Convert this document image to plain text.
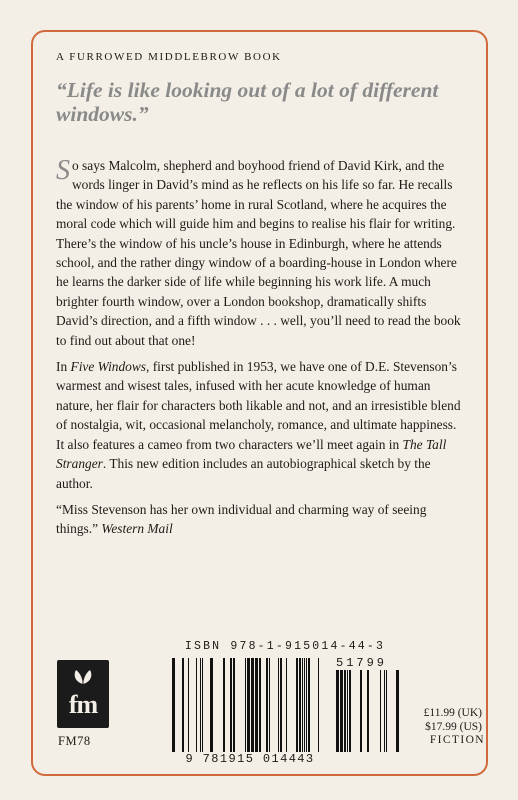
A FURROWED MIDDLEBROW BOOK

“Life is like looking out of a lot of different windows.”

So says Malcolm, shepherd and boyhood friend of David Kirk, and the words linger in David’s mind as he reflects on his life so far. He recalls the window of his parents’ home in rural Scotland, where he acquires the moral code which will guide him and begins to realise his flair for writing. There’s the window of his uncle’s house in Edinburgh, where he attends school, and the rather dingy window of a boarding-house in London where he learns the darker side of life while beginning his work life. A much brighter fourth window, over a London bookshop, dramatically shifts David’s direction, and a fifth window . . . well, you’ll need to read the book to find out about that one!

In Five Windows, first published in 1953, we have one of D.E. Stevenson’s warmest and wisest tales, infused with her acute knowledge of human nature, her flair for characters both likable and not, and an irresistible blend of nostalgia, wit, occasional melancholy, romance, and ultimate happiness. It also features a cameo from two characters we’ll meet again in The Tall Stranger. This new edition includes an autobiographical sketch by the author.

“Miss Stevenson has her own individual and charming way of seeing things.” Western Mail

fm
FM78
ISBN 978-1-915014-44-3
51799
9 781915 014443
£11.99 (UK)
$17.99 (US)
FICTION
